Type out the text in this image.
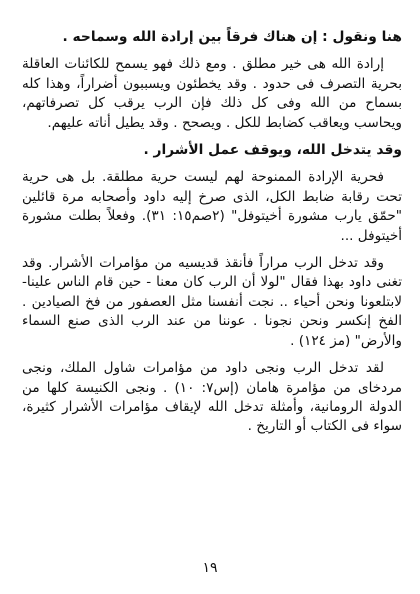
هنا ونقول : إن هناك فرقاً بين إرادة الله وسماحه .

إرادة الله هى خير مطلق . ومع ذلك فهو يسمح للكائنات العاقلة بحرية التصرف فى حدود . وقد يخطئون ويسببون أضراراً، وهذا كله بسماح من الله وفى كل ذلك فإن الرب يرقب كل تصرفاتهم، ويحاسب ويعاقب كضابط للكل . ويصحح . وقد يطيل أناته عليهم.

وقد يتدخل الله، ويوقف عمل الأشرار .

فحرية الإرادة الممنوحة لهم ليست حرية مطلقة. بل هى حرية تحت رقابة ضابط الكل، الذى صرخ إليه داود وأصحابه مرة قائلين "حمّق يارب مشورة أخيتوفل" (٢صم١٥: ٣١). وفعلاً بطلت مشورة أخيتوفل ...

وقد تدخل الرب مراراً فأنقذ قديسيه من مؤامرات الأشرار. وقد تغنى داود بهذا فقال "لولا أن الرب كان معنا - حين قام الناس علينا- لابتلعونا ونحن أحياء .. نجت أنفسنا مثل العصفور من فخ الصيادين . الفخ إنكسر ونحن نجونا . عوننا من عند الرب الذى صنع السماء والأرض" (مز ١٢٤) .

لقد تدخل الرب ونجى داود من مؤامرات شاول الملك، ونجى مردخاى من مؤامرة هامان (إس٧: ١٠) . ونجى الكنيسة كلها من الدولة الرومانية، وأمثلة تدخل الله لإيقاف مؤامرات الأشرار كثيرة، سواء فى الكتاب أو التاريخ .

١٩
